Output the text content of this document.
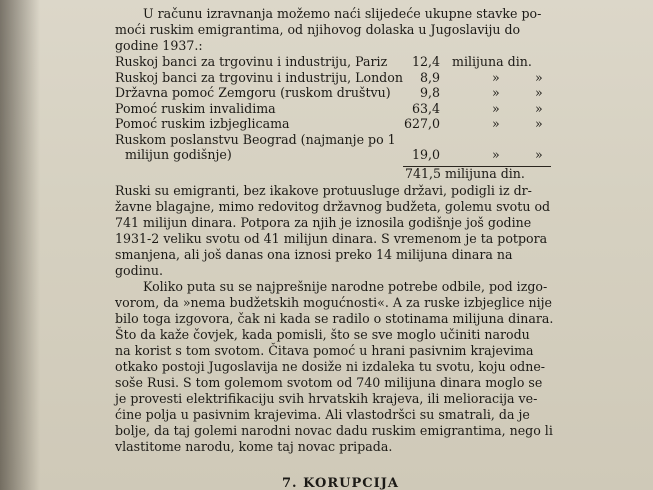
U računu izravnanja možemo naći slijedeće ukupne stavke po-
moći ruskim emigrantima, od njihovog dolaska u Jugoslaviju do
godine 1937.:
Ruskoj banci za trgovinu i industriju, Pariz	12,4 milijuna din.
Ruskoj banci za trgovinu i industriju, London	8,9	»	»
Državna pomoć Zemgoru (ruskom društvu)	9,8	»	»
Pomoć ruskim invalidima	63,4	»	»
Pomoć ruskim izbjeglicama	627,0	»	»
Ruskom poslanstvu Beograd (najmanje po 1
milijun godišnje)	19,0	»	»
741,5 milijuna din.
Ruski su emigranti, bez ikakove protuusluge državi, podigli iz dr-
žavne blagajne, mimo redovitog državnog budžeta, golemu svotu od
741 milijun dinara. Potpora za njih je iznosila godišnje još godine
1931-2 veliku svotu od 41 milijun dinara. S vremenom je ta potpora
smanjena, ali još danas ona iznosi preko 14 milijuna dinara na
godinu.
Koliko puta su se najprešnije narodne potrebe odbile, pod izgo-
vorom, da »nema budžetskih mogućnosti«. A za ruske izbjeglice nije
bilo toga izgovora, čak ni kada se radilo o stotinama milijuna dinara.
Što da kaže čovjek, kada pomisli, što se sve moglo učiniti narodu
na korist s tom svotom. Čitava pomoć u hrani pasivnim krajevima
otkako postoji Jugoslavija ne dosiže ni izdaleka tu svotu, koju odne-
soše Rusi. S tom golemom svotom od 740 milijuna dinara moglo se
je provesti elektrifikaciju svih hrvatskih krajeva, ili melioracija ve-
ćine polja u pasivnim krajevima. Ali vlastodršci su smatrali, da je
bolje, da taj golemi narodni novac dadu ruskim emigrantima, nego li
vlastitome narodu, kome taj novac pripada.
7. KORUPCIJA
